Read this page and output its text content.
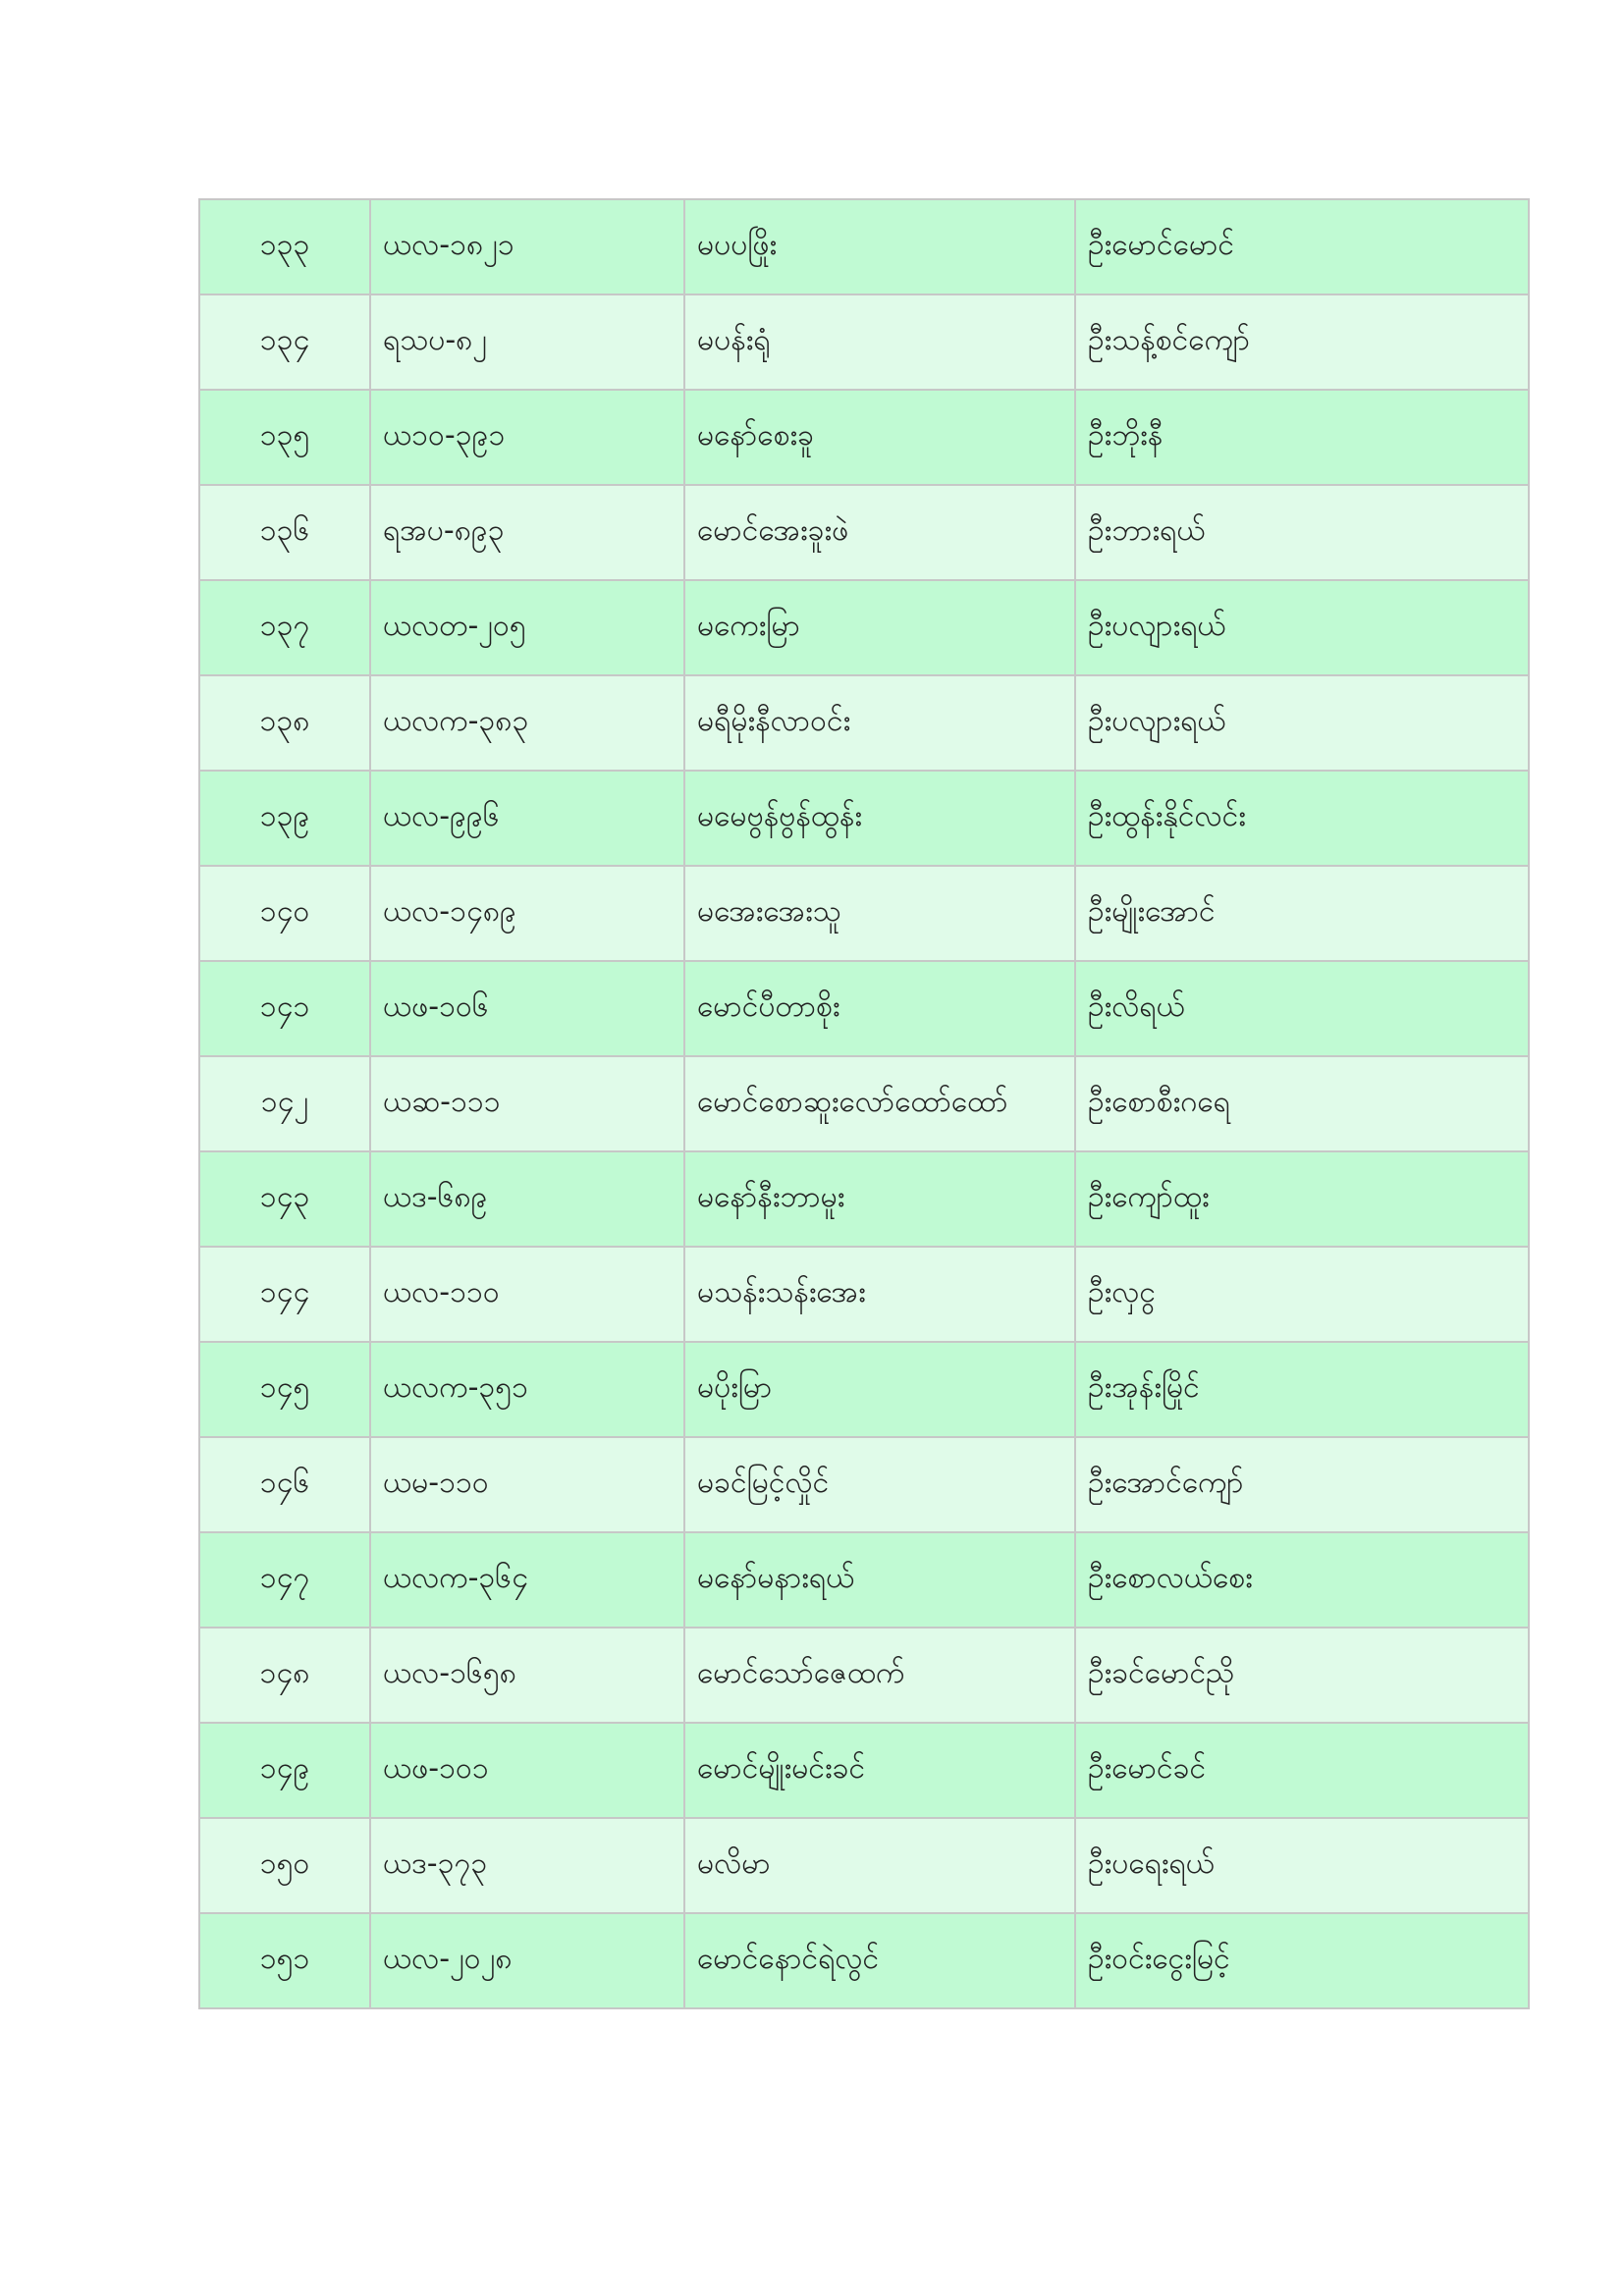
၁၃၃	ယလ-၁၈၂၁	မပပဖြိုး	ဦးမောင်မောင်
၁၃၄	ရသပ-၈၂	မပန်းရုံ	ဦးသန့်စင်ကျော်
၁၃၅	ယ၁၀-၃၉၁	မနော်စေးခူ	ဦးဘိုးနီ
၁၃၆	ရအပ-၈၉၃	မောင်အေးခူးဖဲ	ဦးဘားရယ်
၁၃၇	ယလတ-၂၀၅	မကေးမြာ	ဦးပလျားရယ်
၁၃၈	ယလက-၃၈၃	မရီမိုးနီလာဝင်း	ဦးပလျားရယ်
၁၃၉	ယလ-၉၉၆	မမေဗွန်ဗွန်ထွန်း	ဦးထွန်းနိုင်လင်း
၁၄၀	ယလ-၁၄၈၉	မအေးအေးသူ	ဦးမျိုးအောင်
၁၄၁	ယဖ-၁၀၆	မောင်ပီတာစိုး	ဦးလိရယ်
၁၄၂	ယဆ-၁၁၁	မောင်စောဆူးလော်ထော်ထော်	ဦးစောစီးဂရေ
၁၄၃	ယဒ-၆၈၉	မနော်နီးဘာမူး	ဦးကျော်ထူး
၁၄၄	ယလ-၁၁၀	မသန်းသန်းအေး	ဦးလှငွ
၁၄၅	ယလက-၃၅၁	မပိုးမြာ	ဦးအုန်းမြိုင်
၁၄၆	ယမ-၁၁၀	မခင်မြင့်လှိုင်	ဦးအောင်ကျော်
၁၄၇	ယလက-၃၆၄	မနော်မနားရယ်	ဦးစောလယ်စေး
၁၄၈	ယလ-၁၆၅၈	မောင်သော်ဇေထက်	ဦးခင်မောင်ညို
၁၄၉	ယဖ-၁၀၁	မောင်မျိုးမင်းခင်	ဦးမောင်ခင်
၁၅၀	ယဒ-၃၇၃	မလိမာ	ဦးပရေးရယ်
၁၅၁	ယလ-၂၀၂၈	မောင်နောင်ရဲလွင်	ဦးဝင်းငွေးမြင့်
